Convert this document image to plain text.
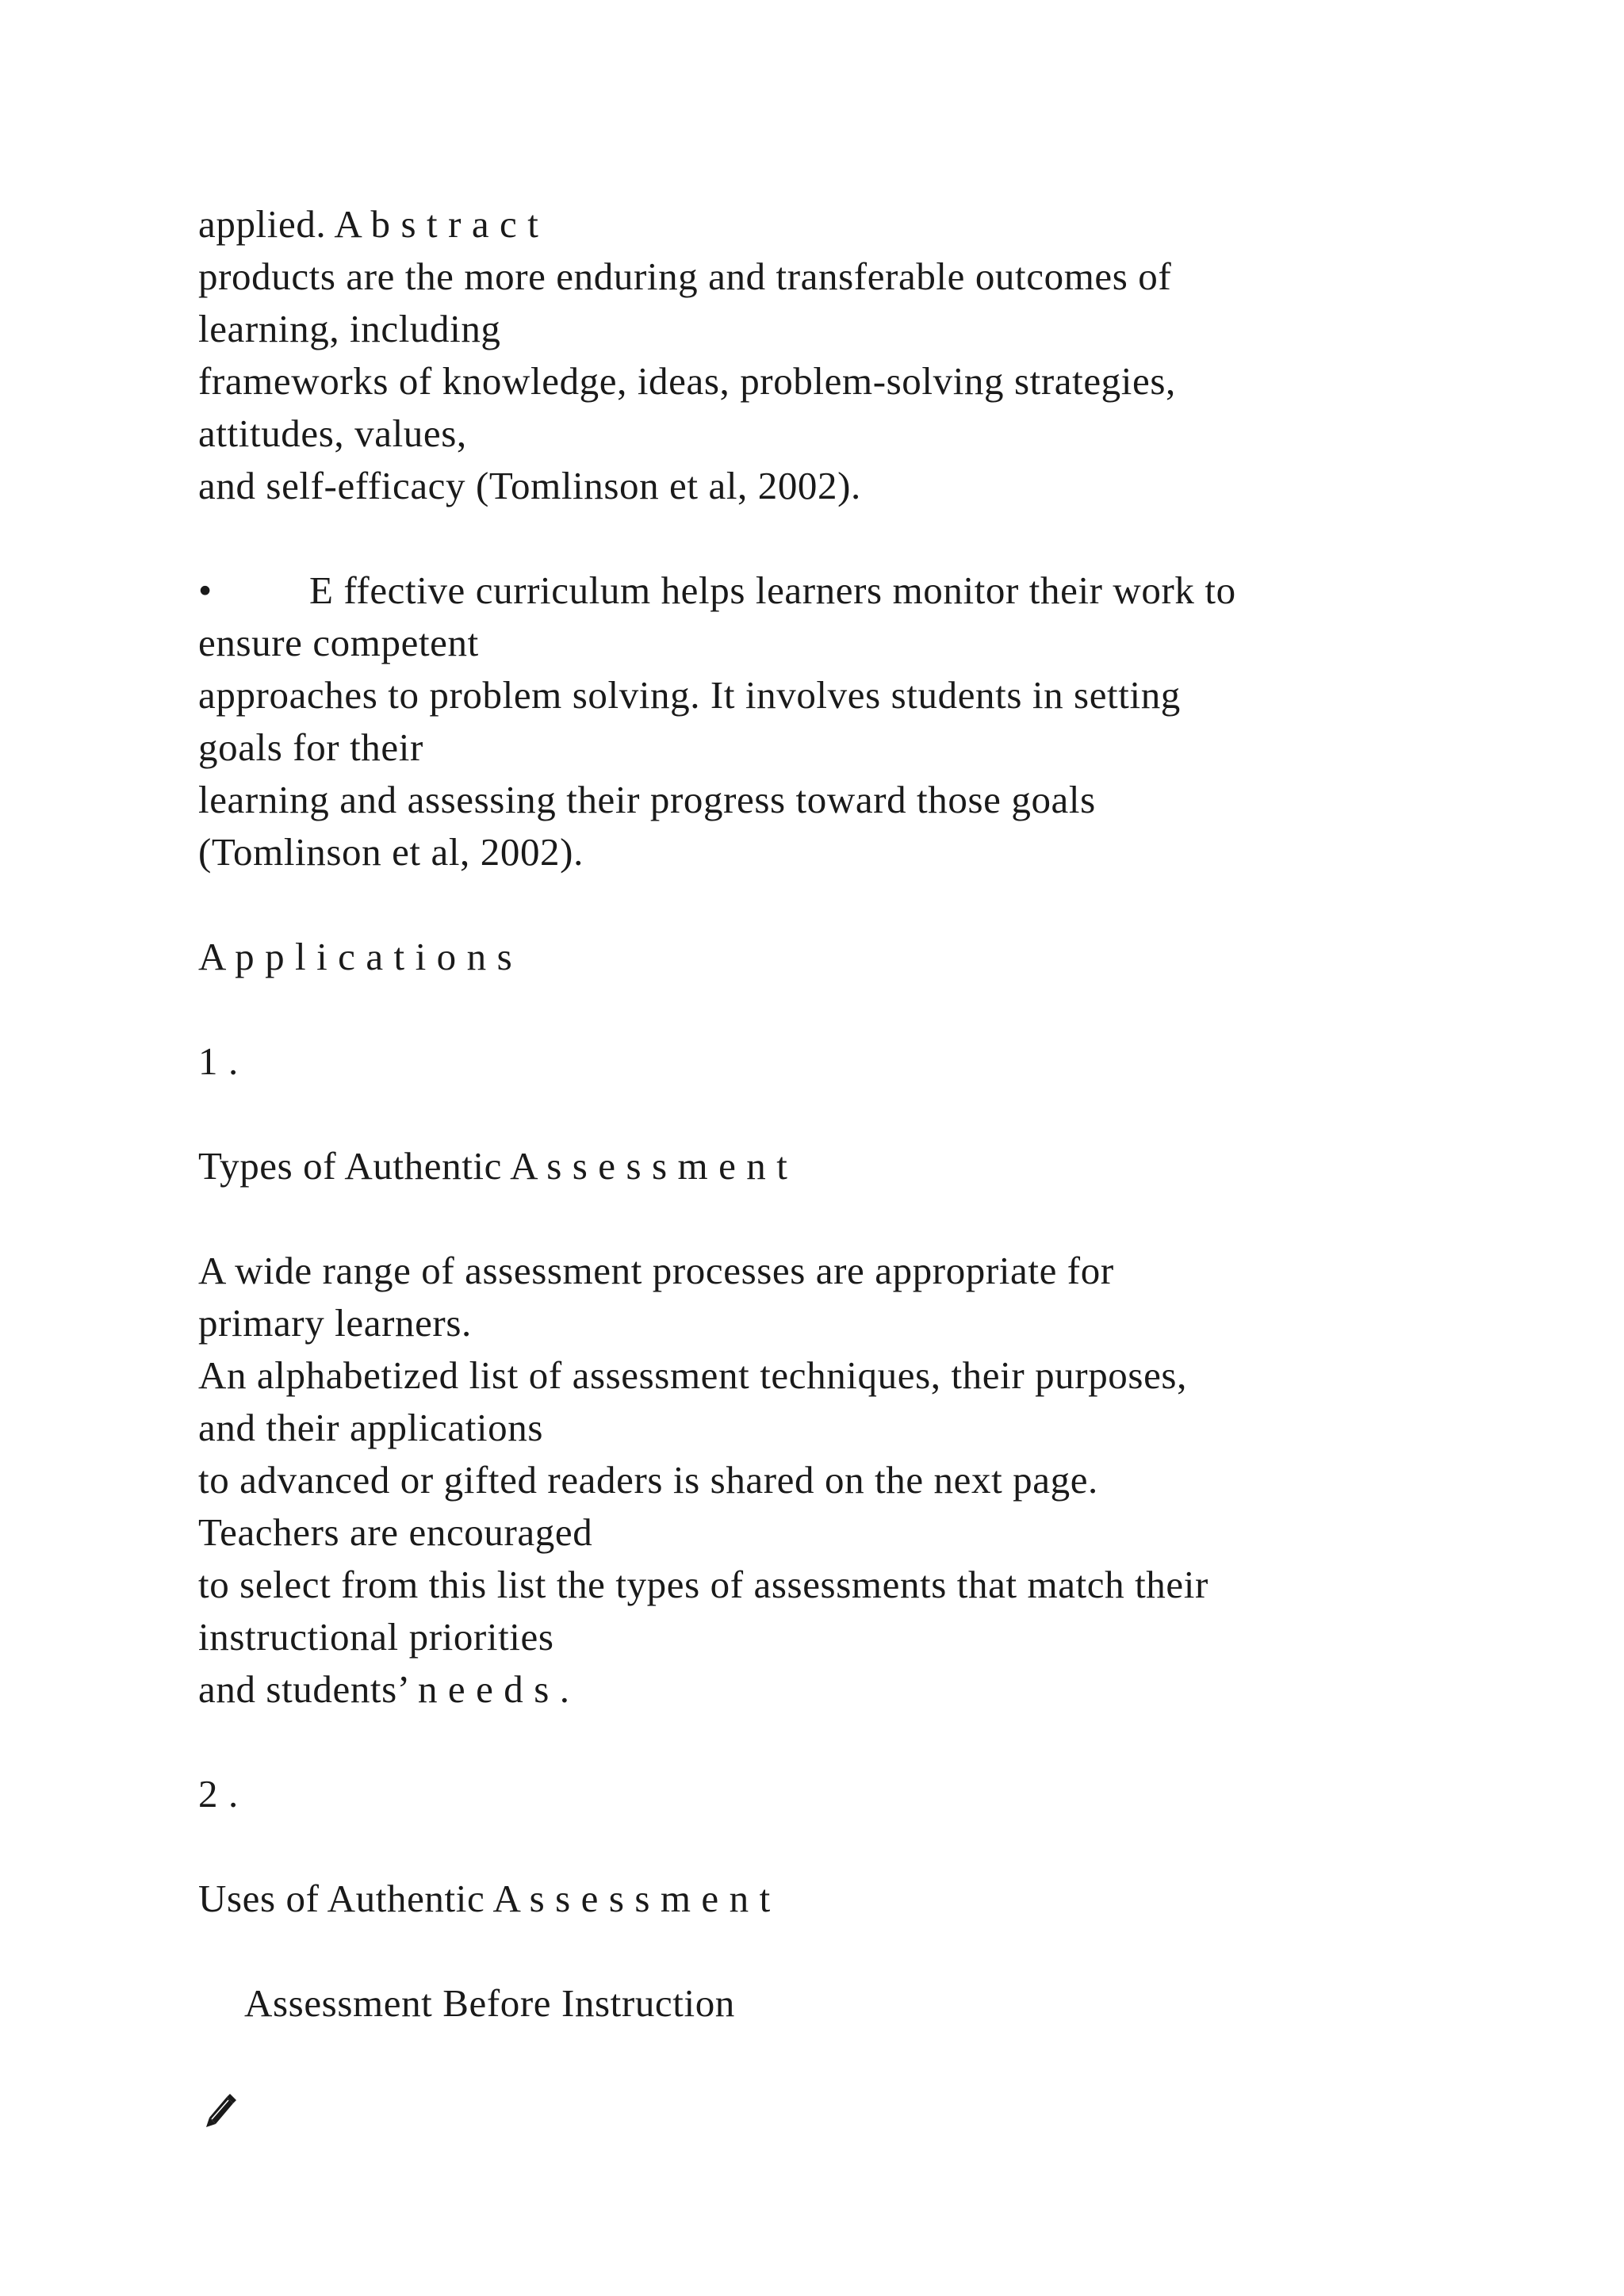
applied. A b s t r a c t
products are the more enduring and transferable outcomes of
learning, including
frameworks of knowledge, ideas, problem-solving strategies,
attitudes, values,
and self-efficacy (Tomlinson et al, 2002).
• E ffective curriculum helps learners monitor their work to
ensure competent
approaches to problem solving. It involves students in setting
goals for their
learning and assessing their progress toward those goals
(Tomlinson et al, 2002).
A p p l i c a t i o n s
1 .
Types of Authentic A s s e s s m e n t
A wide range of assessment processes are appropriate for
primary learners.
An alphabetized list of assessment techniques, their purposes,
and their applications
to advanced or gifted readers is shared on the next page.
Teachers are encouraged
to select from this list the types of assessments that match their
instructional priorities
and students’ n e e d s .
2 .
Uses of Authentic A s s e s s m e n t

Assessment Before Instruction
